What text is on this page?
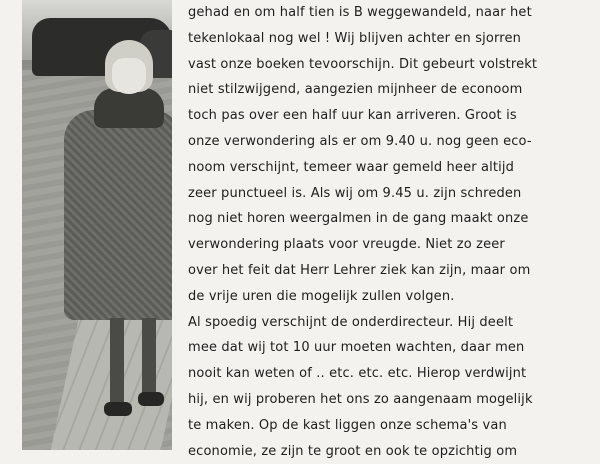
gehad en om half tien is B weggewandeld, naar het
tekenlokaal nog wel ! Wij blijven achter en sjorren
vast onze boeken tevoorschijn. Dit gebeurt volstrekt
niet stilzwijgend, aangezien mijnheer de econoom
toch pas over een half uur kan arriveren. Groot is
onze verwondering als er om 9.40 u. nog geen eco-
noom verschijnt, temeer waar gemeld heer altijd
zeer punctueel is. Als wij om 9.45 u. zijn schreden
nog niet horen weergalmen in de gang maakt onze
verwondering plaats voor vreugde. Niet zo zeer
over het feit dat Herr Lehrer ziek kan zijn, maar om
de vrije uren die mogelijk zullen volgen.
Al spoedig verschijnt de onderdirecteur. Hij deelt
mee dat wij tot 10 uur moeten wachten, daar men
nooit kan weten of .. etc. etc. etc. Hierop verdwijnt
hij, en wij proberen het ons zo aangenaam mogelijk
te maken. Op de kast liggen onze schema's van
economie, ze zijn te groot en ook te opzichtig om
